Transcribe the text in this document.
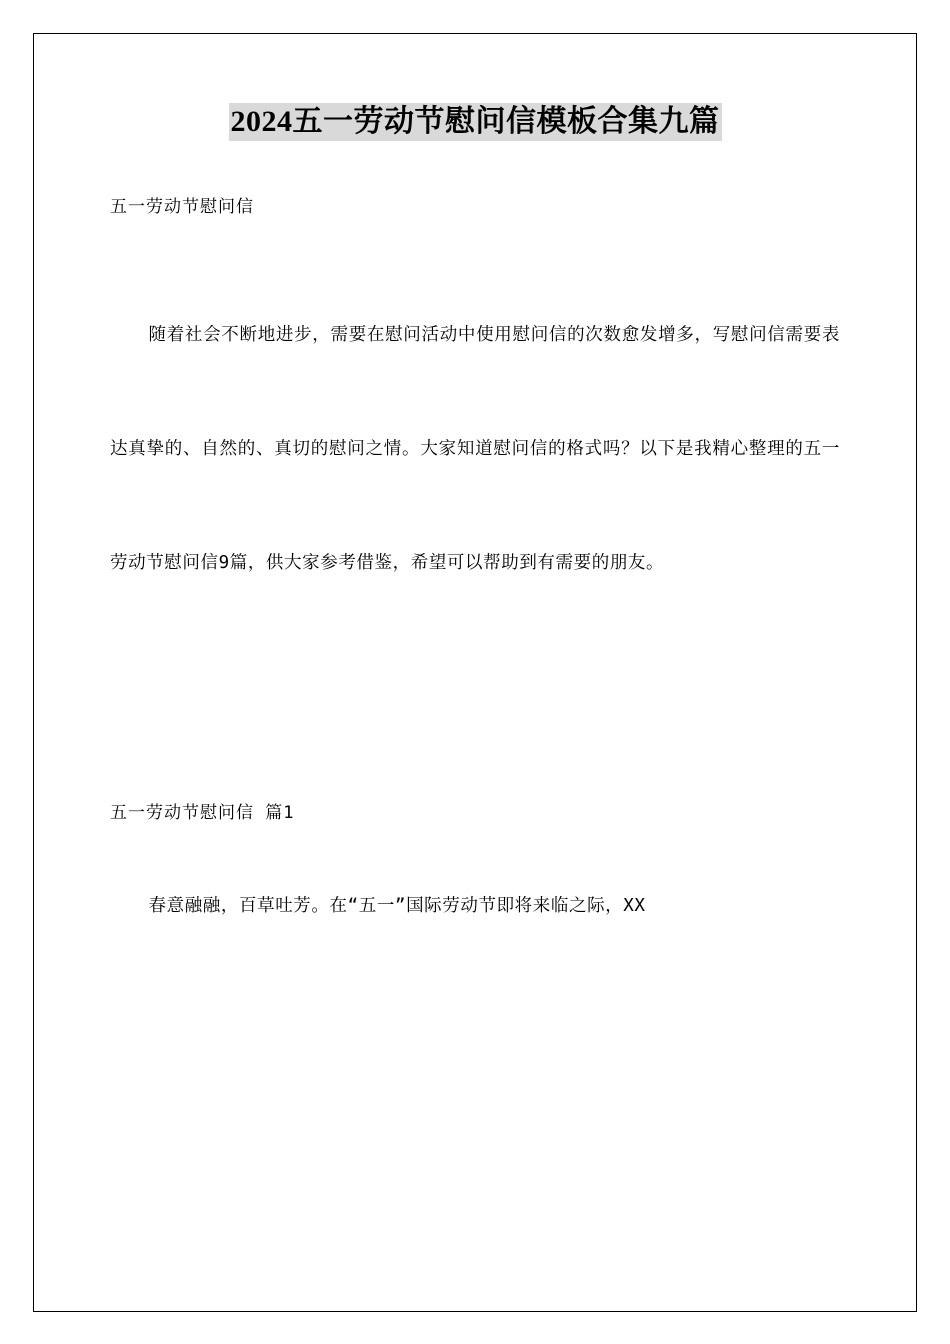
2024五一劳动节慰问信模板合集九篇
五一劳动节慰问信

随着社会不断地进步，需要在慰问活动中使用慰问信的次数愈发增多，写慰问信需要表达真挚的、自然的、真切的慰问之情。大家知道慰问信的格式吗？以下是我精心整理的五一劳动节慰问信9篇，供大家参考借鉴，希望可以帮助到有需要的朋友。

五一劳动节慰问信 篇1

春意融融，百草吐芳。在“五一”国际劳动节即将来临之际，XX
